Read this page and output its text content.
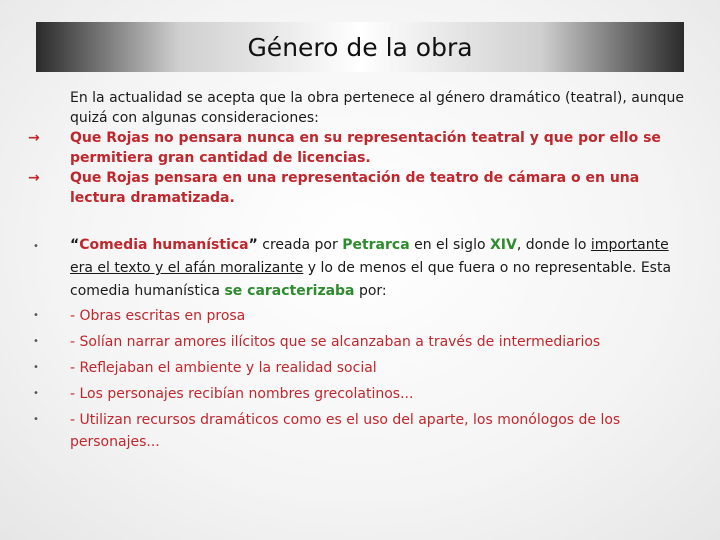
Género de la obra

En la actualidad se acepta que la obra pertenece al género dramático (teatral), aunque quizá con algunas consideraciones:

→	Que Rojas no pensara nunca en su representación teatral y que por ello se permitiera gran cantidad de licencias.
→	Que Rojas pensara en una representación de teatro de cámara o en una lectura dramatizada.
• “Comedia humanística” creada por Petrarca en el siglo XIV, donde lo importante era el texto y el afán moralizante y lo de menos el que fuera o no representable. Esta comedia humanística se caracterizaba por:
• - Obras escritas en prosa
• - Solían narrar amores ilícitos que se alcanzaban a través de intermediarios
• - Reflejaban el ambiente y la realidad social
• - Los personajes recibían nombres grecolatinos...
• - Utilizan recursos dramáticos como es el uso del aparte, los monólogos de los personajes...
